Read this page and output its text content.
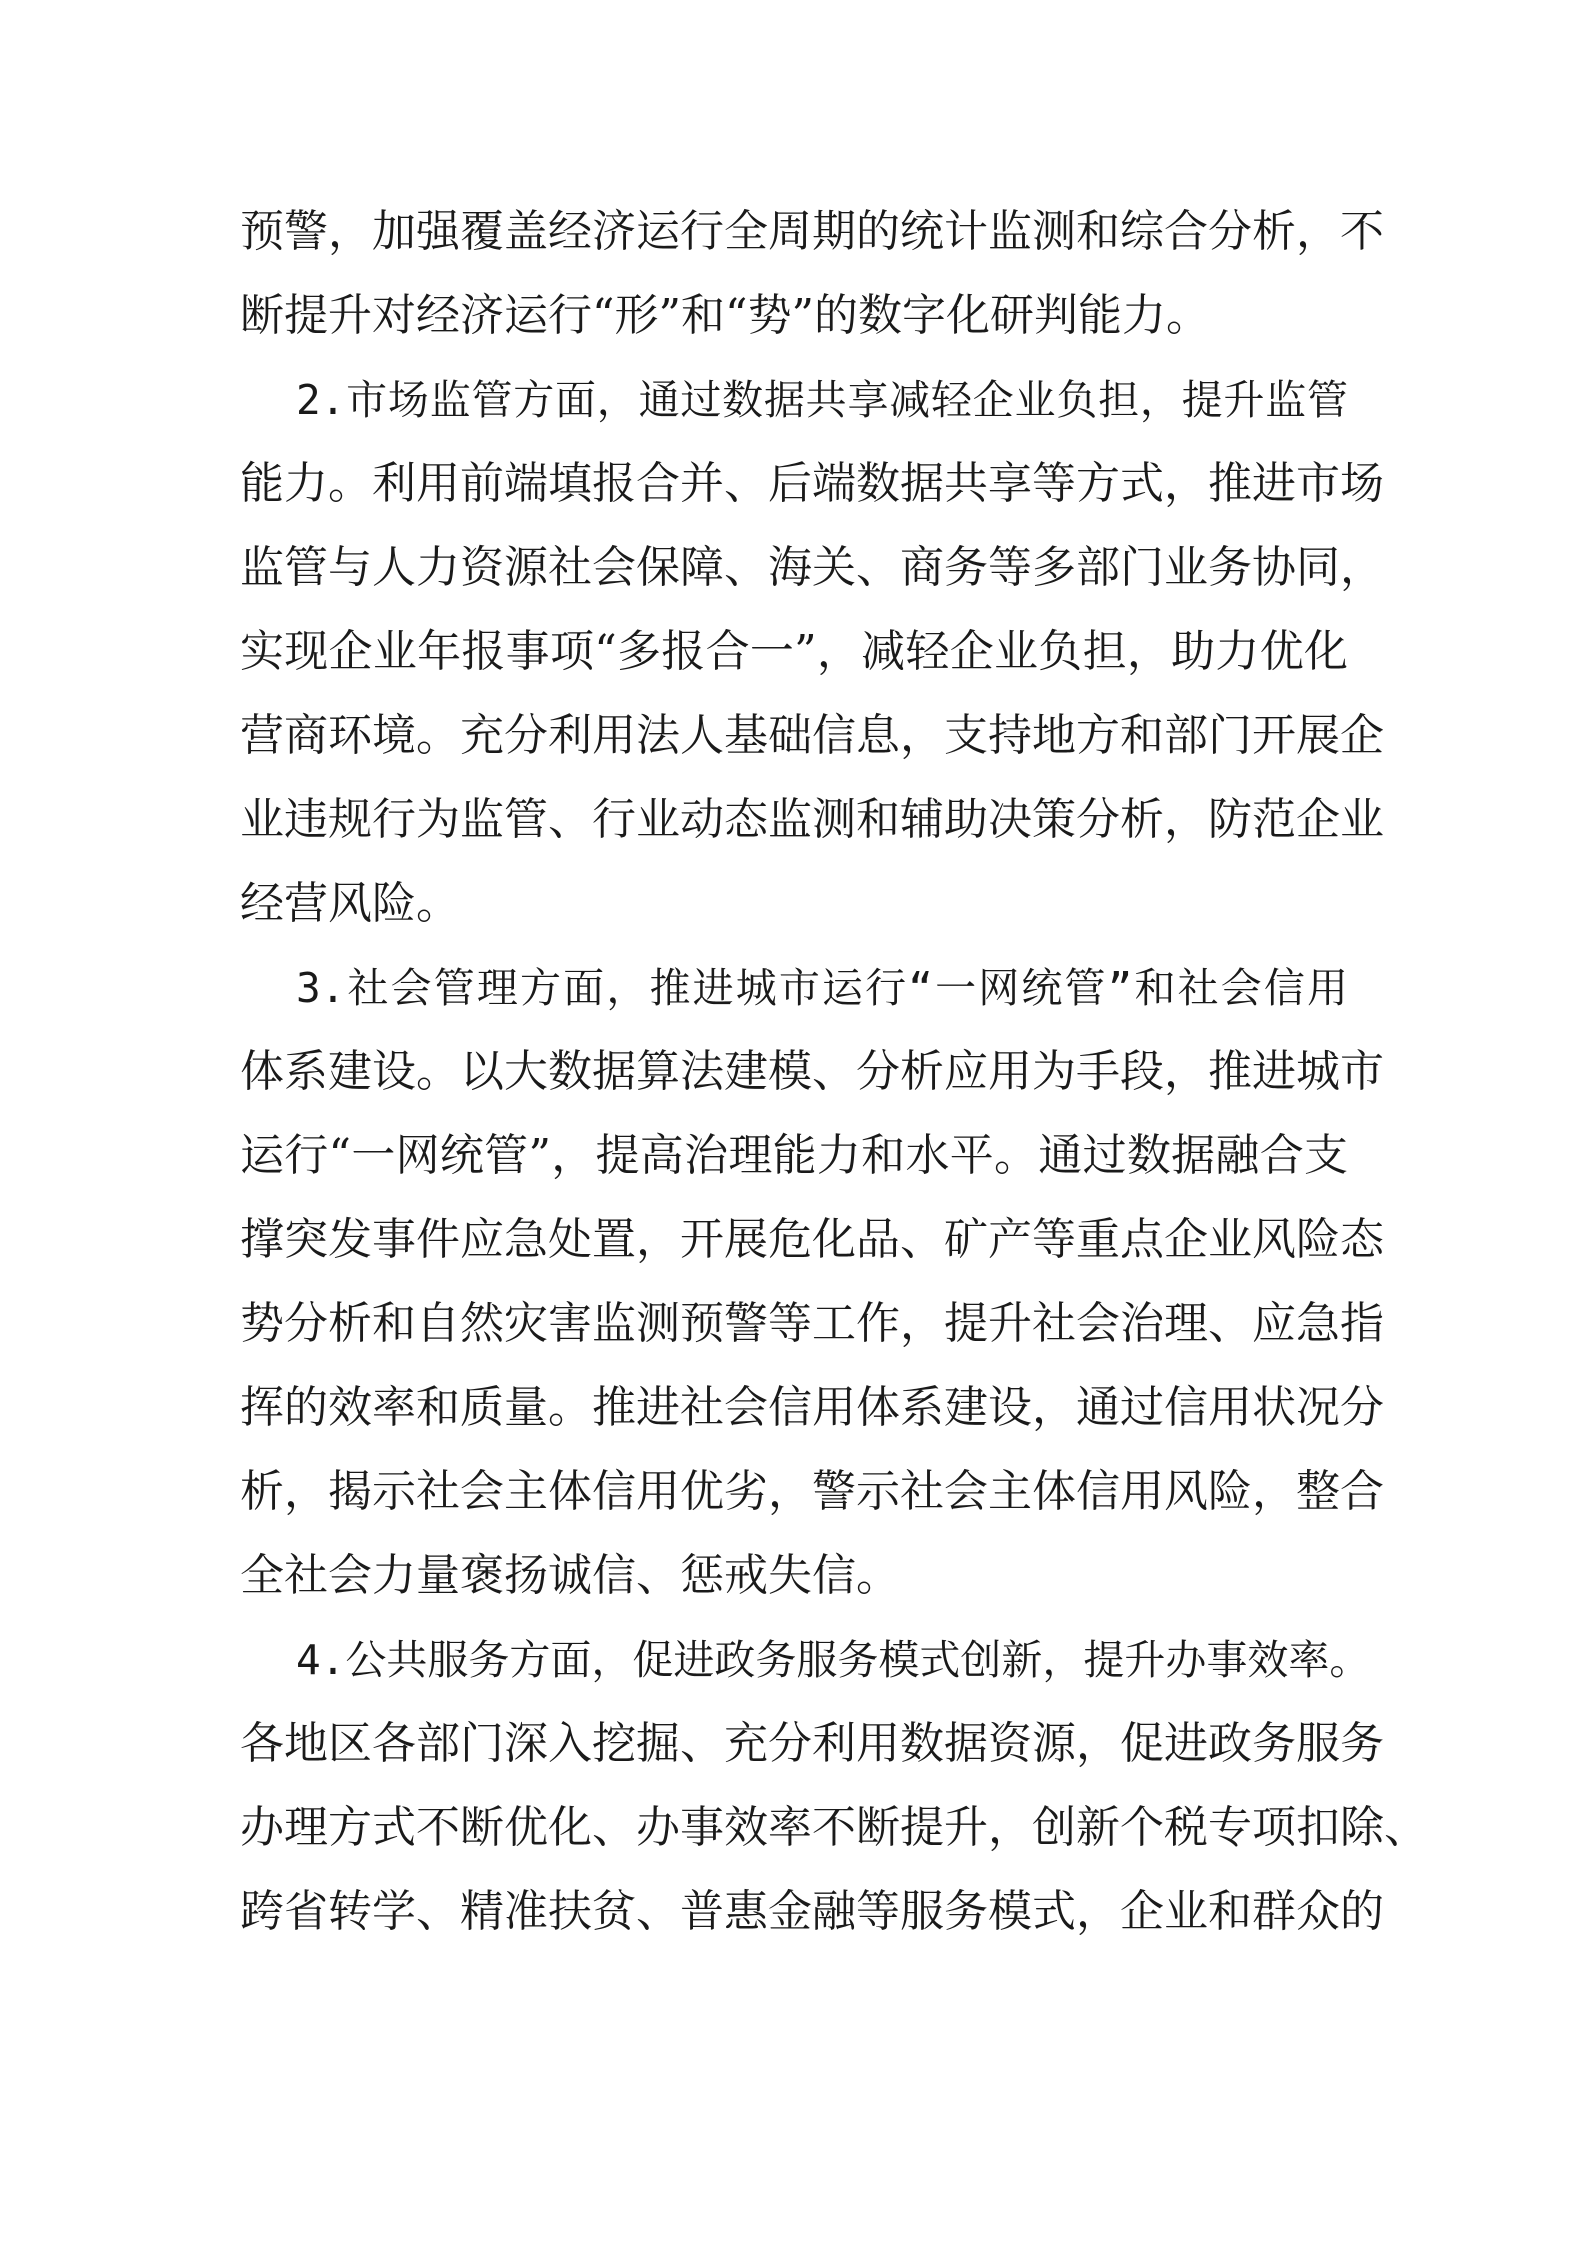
预警，加强覆盖经济运行全周期的统计监测和综合分析，不
断提升对经济运行“形”和“势”的数字化研判能力。
2.市场监管方面，通过数据共享减轻企业负担，提升监管
能力。利用前端填报合并、后端数据共享等方式，推进市场
监管与人力资源社会保障、海关、商务等多部门业务协同，
实现企业年报事项“多报合一”，减轻企业负担，助力优化
营商环境。充分利用法人基础信息，支持地方和部门开展企
业违规行为监管、行业动态监测和辅助决策分析，防范企业
经营风险。
3.社会管理方面，推进城市运行“一网统管”和社会信用
体系建设。以大数据算法建模、分析应用为手段，推进城市
运行“一网统管”，提高治理能力和水平。通过数据融合支
撑突发事件应急处置，开展危化品、矿产等重点企业风险态
势分析和自然灾害监测预警等工作，提升社会治理、应急指
挥的效率和质量。推进社会信用体系建设，通过信用状况分
析，揭示社会主体信用优劣，警示社会主体信用风险，整合
全社会力量褒扬诚信、惩戒失信。
4.公共服务方面，促进政务服务模式创新，提升办事效率。
各地区各部门深入挖掘、充分利用数据资源，促进政务服务
办理方式不断优化、办事效率不断提升，创新个税专项扣除、
跨省转学、精准扶贫、普惠金融等服务模式，企业和群众的
